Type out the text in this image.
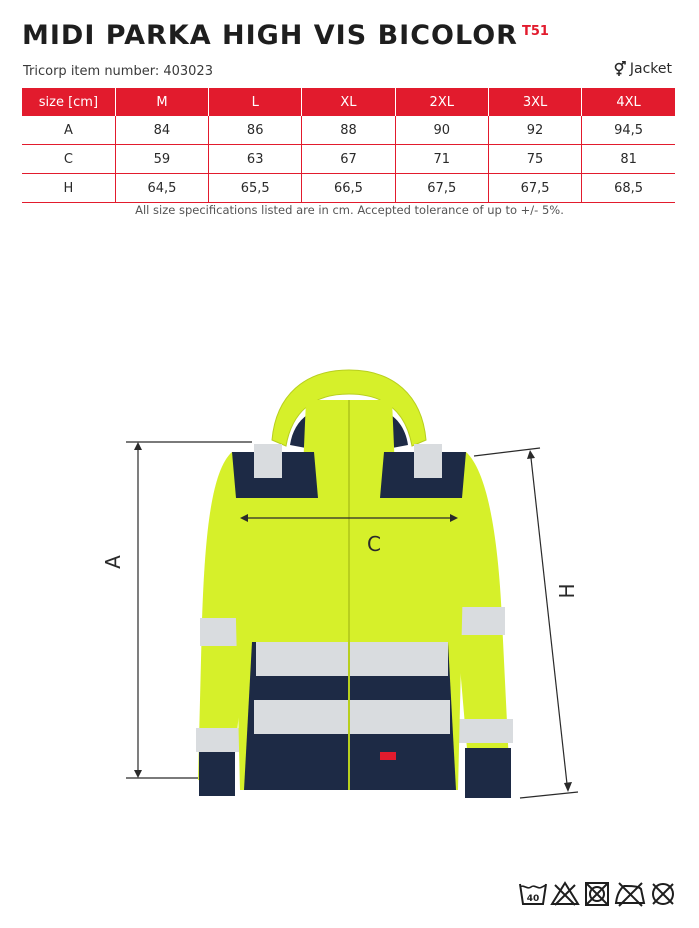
MIDI PARKA HIGH VIS BICOLOR $^{T51}$
Tricorp item number: 403023	Jacket
size [cm]	M	L	XL	2XL	3XL	4XL
A	84	86	88	90	92	94,5
C	59	63	67	71	75	81
H	64,5	65,5	66,5	67,5	67,5	68,5
All size specifications listed are in cm. Accepted tolerance of up to +/- 5%.
A
C
H
40
